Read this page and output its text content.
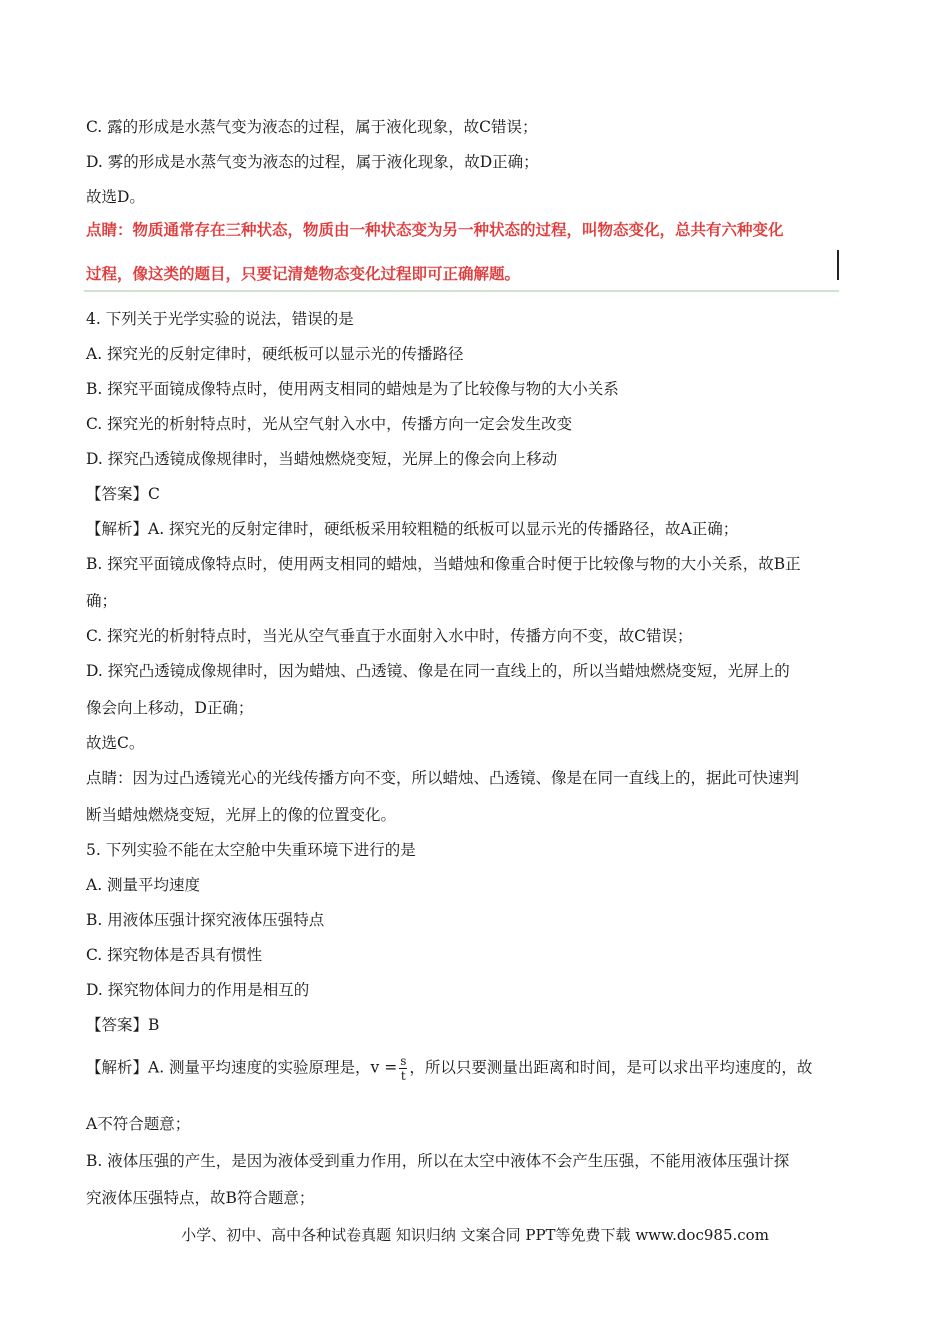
C. 露的形成是水蒸气变为液态的过程，属于液化现象，故C错误；
D. 雾的形成是水蒸气变为液态的过程，属于液化现象，故D正确；
故选D。
点睛：物质通常存在三种状态，物质由一种状态变为另一种状态的过程，叫物态变化，总共有六种变化
过程，像这类的题目，只要记清楚物态变化过程即可正确解题。
4. 下列关于光学实验的说法，错误的是
A. 探究光的反射定律时，硬纸板可以显示光的传播路径
B. 探究平面镜成像特点时，使用两支相同的蜡烛是为了比较像与物的大小关系
C. 探究光的析射特点时，光从空气射入水中，传播方向一定会发生改变
D. 探究凸透镜成像规律时，当蜡烛燃烧变短，光屏上的像会向上移动
【答案】C
【解析】A. 探究光的反射定律时，硬纸板采用较粗糙的纸板可以显示光的传播路径，故A正确；
B. 探究平面镜成像特点时，使用两支相同的蜡烛，当蜡烛和像重合时便于比较像与物的大小关系，故B正
确；
C. 探究光的析射特点时，当光从空气垂直于水面射入水中时，传播方向不变，故C错误；
D. 探究凸透镜成像规律时，因为蜡烛、凸透镜、像是在同一直线上的，所以当蜡烛燃烧变短，光屏上的
像会向上移动，D正确；
故选C。
点睛：因为过凸透镜光心的光线传播方向不变，所以蜡烛、凸透镜、像是在同一直线上的，据此可快速判
断当蜡烛燃烧变短，光屏上的像的位置变化。
5. 下列实验不能在太空舱中失重环境下进行的是
A. 测量平均速度
B. 用液体压强计探究液体压强特点
C. 探究物体是否具有惯性
D. 探究物体间力的作用是相互的
【答案】B
【解析】A. 测量平均速度的实验原理是，$v = \frac{s}{t}$ ，所以只要测量出距离和时间，是可以求出平均速度的，故
A不符合题意；
B. 液体压强的产生，是因为液体受到重力作用，所以在太空中液体不会产生压强，不能用液体压强计探
究液体压强特点，故B符合题意；
小学、初中、高中各种试卷真题 知识归纳 文案合同 PPT等免费下载 www.doc985.com
